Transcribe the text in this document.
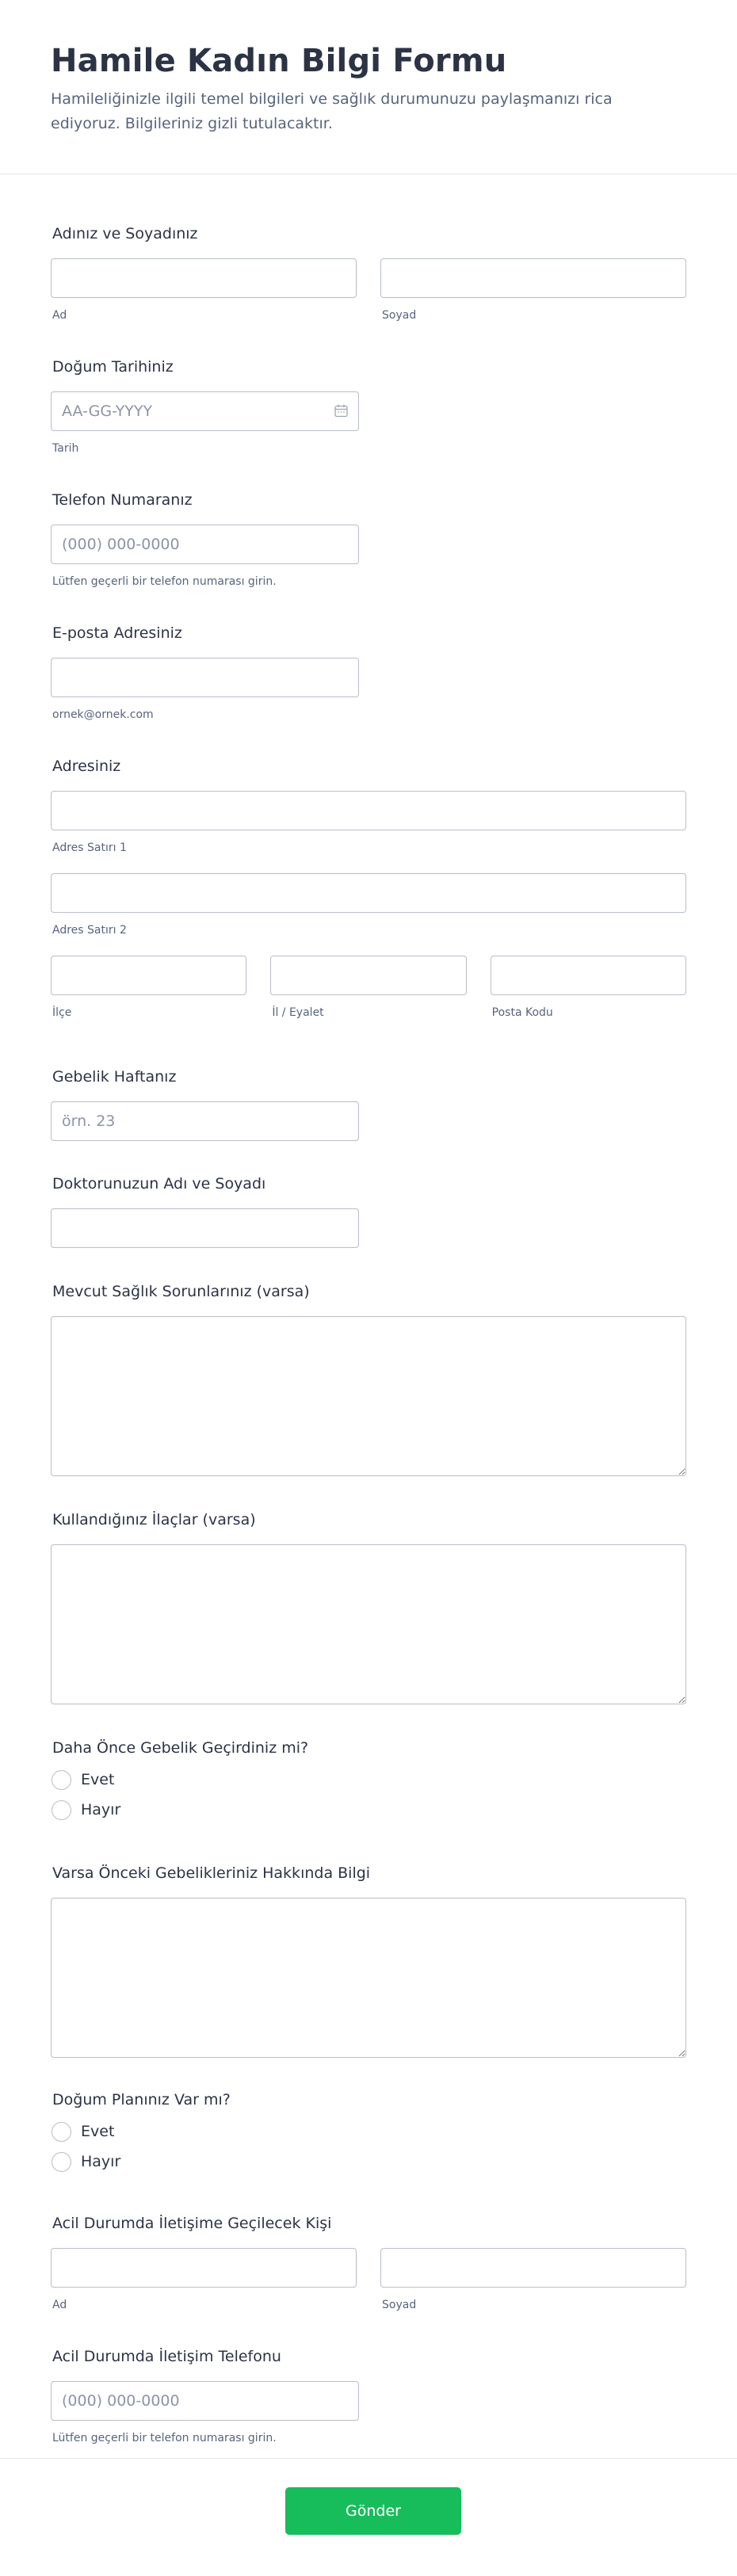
Hamile Kadın Bilgi Formu

Hamileliğinizle ilgili temel bilgileri ve sağlık durumunuzu paylaşmanızı rica ediyoruz. Bilgileriniz gizli tutulacaktır.

Adınız ve Soyadınız
Ad	Soyad
Doğum Tarihiniz
AA-GG-YYYY
Tarih
Telefon Numaranız
(000) 000-0000
Lütfen geçerli bir telefon numarası girin.
E-posta Adresiniz
ornek@ornek.com
Adresiniz
Adres Satırı 1
Adres Satırı 2
İlçe	İl / Eyalet	Posta Kodu
Gebelik Haftanız
örn. 23
Doktorunuzun Adı ve Soyadı
Mevcut Sağlık Sorunlarınız (varsa)
Kullandığınız İlaçlar (varsa)
Daha Önce Gebelik Geçirdiniz mi?
Evet
Hayır
Varsa Önceki Gebelikleriniz Hakkında Bilgi
Doğum Planınız Var mı?
Evet
Hayır
Acil Durumda İletişime Geçilecek Kişi
Ad	Soyad
Acil Durumda İletişim Telefonu
(000) 000-0000
Lütfen geçerli bir telefon numarası girin.
Gönder
